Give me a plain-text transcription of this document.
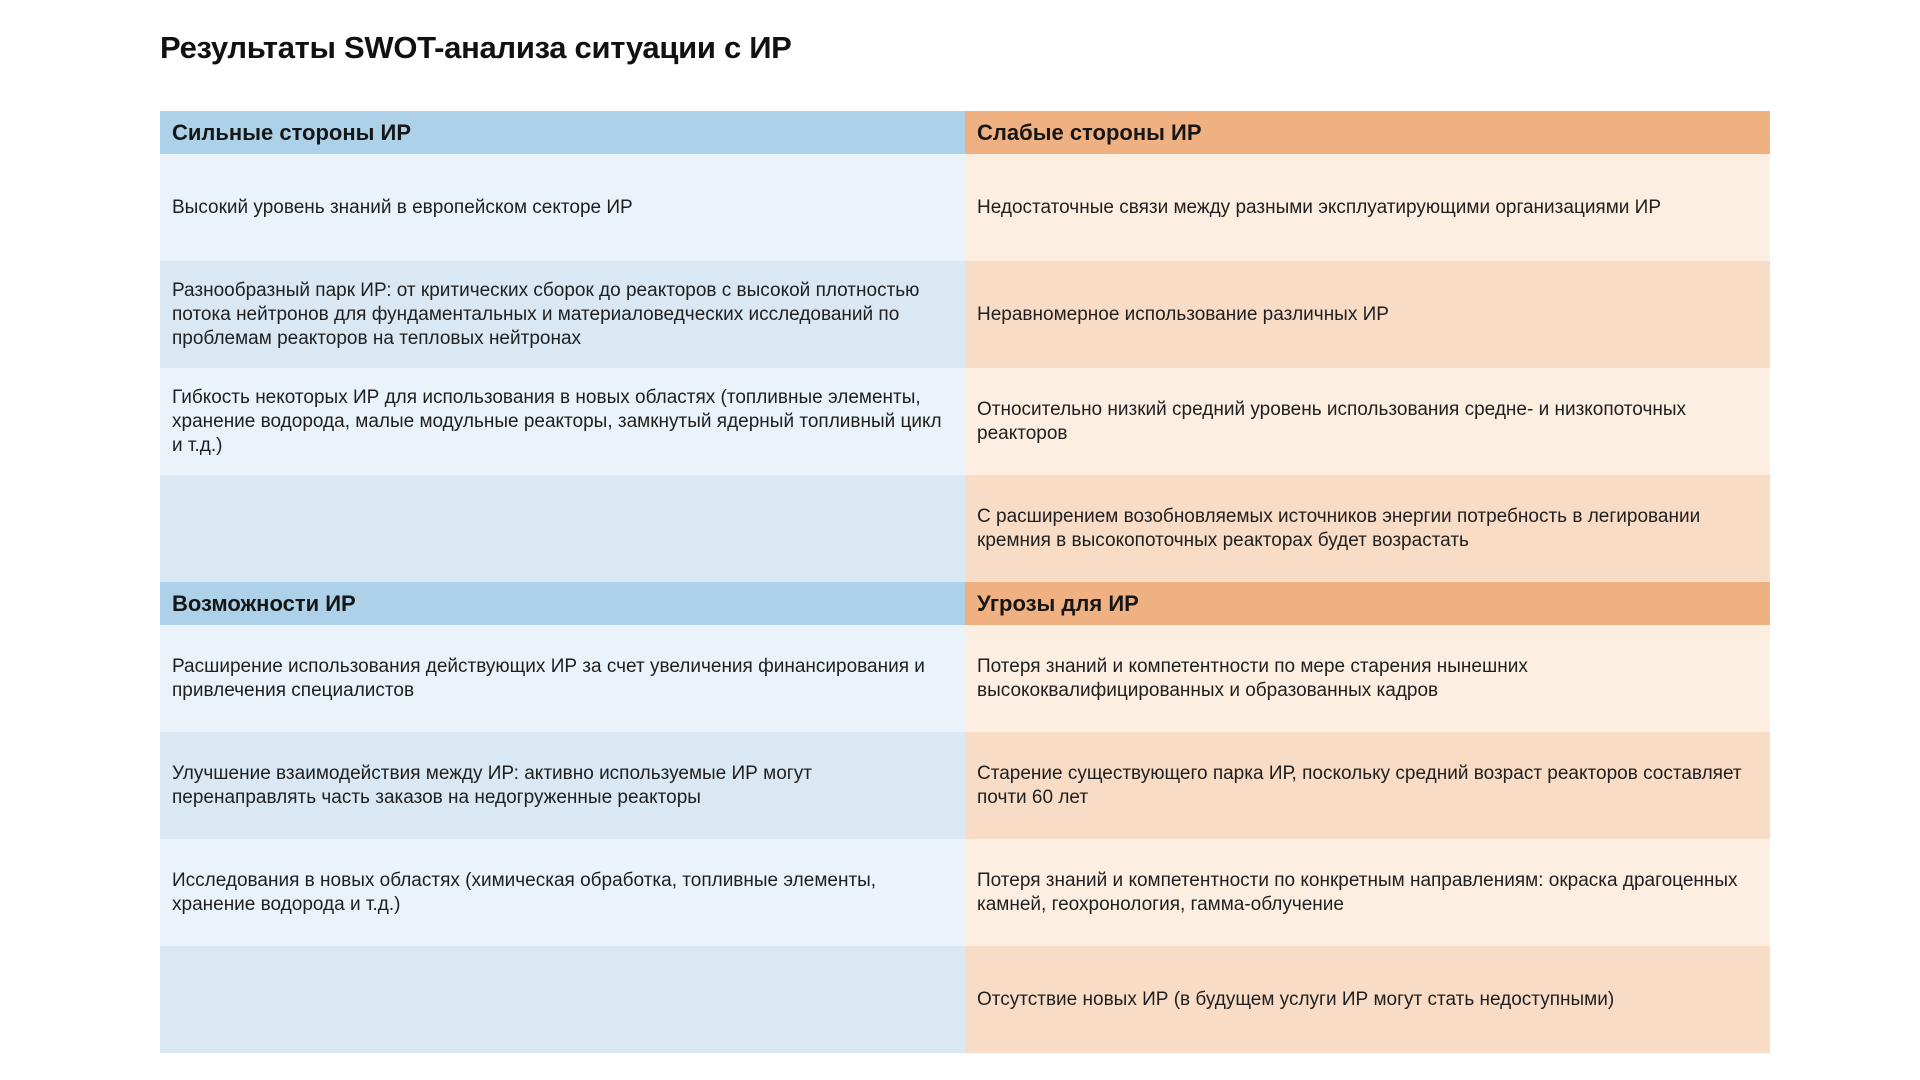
Результаты SWOT-анализа ситуации с ИР
Сильные стороны ИР
Высокий уровень знаний в европейском секторе ИР
Разнообразный парк ИР: от критических сборок до реакторов с высокой плотностью потока нейтронов для фундаментальных и материаловедческих исследований по проблемам реакторов на тепловых нейтронах
Гибкость некоторых ИР для использования в новых областях (топливные элементы, хранение водорода, малые модульные реакторы, замкнутый ядерный топливный цикл и т.д.)
Слабые стороны ИР
Недостаточные связи между разными эксплуатирующими организациями ИР
Неравномерное использование различных ИР
Относительно низкий средний уровень использования средне- и низкопоточных реакторов
С расширением возобновляемых источников энергии потребность в легировании кремния в высокопоточных реакторах будет возрастать
Возможности ИР
Расширение использования действующих ИР за счет увеличения финансирования и привлечения специалистов
Улучшение взаимодействия между ИР: активно используемые ИР могут перенаправлять часть заказов на недогруженные реакторы
Исследования в новых областях (химическая обработка, топливные элементы, хранение водорода и т.д.)
Угрозы для ИР
Потеря знаний и компетентности по мере старения нынешних высококвалифицированных и образованных кадров
Старение существующего парка ИР, поскольку средний возраст реакторов составляет почти 60 лет
Потеря знаний и компетентности по конкретным направлениям: окраска драгоценных камней, геохронология, гамма-облучение
Отсутствие новых ИР (в будущем услуги ИР могут стать недоступными)
